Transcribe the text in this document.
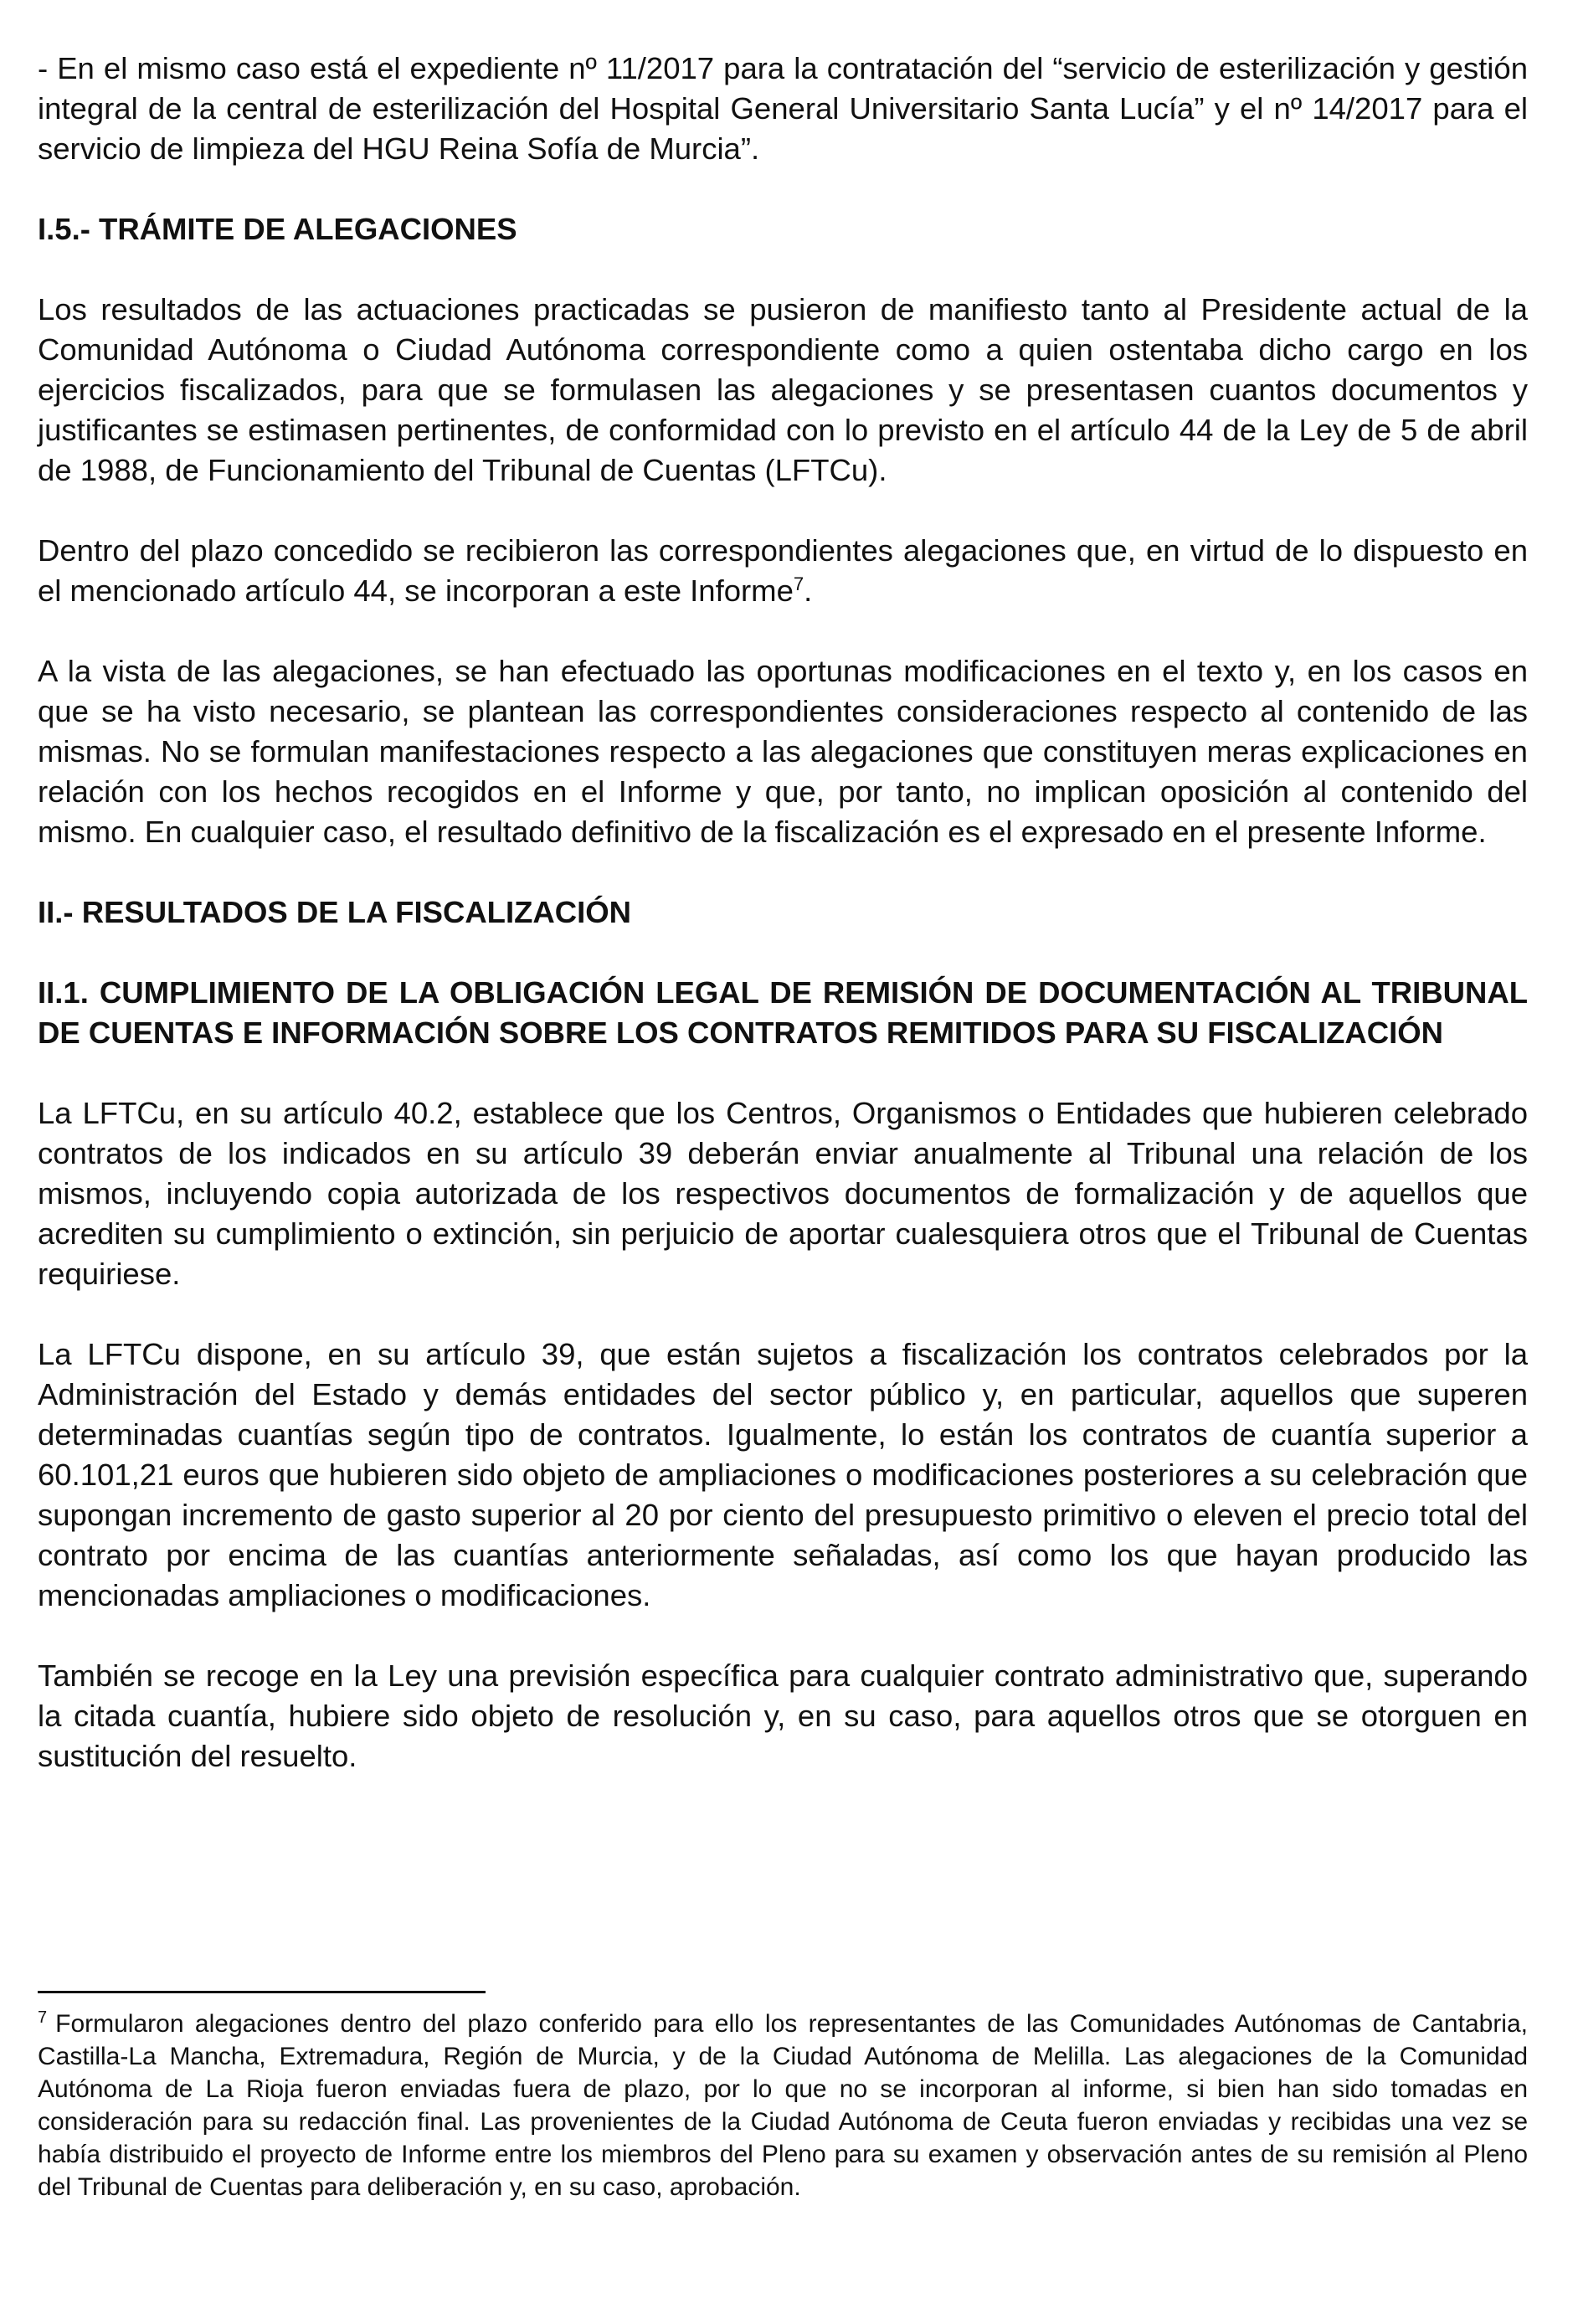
- En el mismo caso está el expediente nº 11/2017 para la contratación del “servicio de esterilización y gestión integral de la central de esterilización del Hospital General Universitario Santa Lucía” y el nº 14/2017 para el servicio de limpieza del HGU Reina Sofía de Murcia”.

I.5.- TRÁMITE DE ALEGACIONES

Los resultados de las actuaciones practicadas se pusieron de manifiesto tanto al Presidente actual de la Comunidad Autónoma o Ciudad Autónoma correspondiente como a quien ostentaba dicho cargo en los ejercicios fiscalizados, para que se formulasen las alegaciones y se presentasen cuantos documentos y justificantes se estimasen pertinentes, de conformidad con lo previsto en el artículo 44 de la Ley de 5 de abril de 1988, de Funcionamiento del Tribunal de Cuentas (LFTCu).

Dentro del plazo concedido se recibieron las correspondientes alegaciones que, en virtud de lo dispuesto en el mencionado artículo 44, se incorporan a este Informe$^7$.

A la vista de las alegaciones, se han efectuado las oportunas modificaciones en el texto y, en los casos en que se ha visto necesario, se plantean las correspondientes consideraciones respecto al contenido de las mismas. No se formulan manifestaciones respecto a las alegaciones que constituyen meras explicaciones en relación con los hechos recogidos en el Informe y que, por tanto, no implican oposición al contenido del mismo. En cualquier caso, el resultado definitivo de la fiscalización es el expresado en el presente Informe.

II.- RESULTADOS DE LA FISCALIZACIÓN

II.1. CUMPLIMIENTO DE LA OBLIGACIÓN LEGAL DE REMISIÓN DE DOCUMENTACIÓN AL TRIBUNAL DE CUENTAS E INFORMACIÓN SOBRE LOS CONTRATOS REMITIDOS PARA SU FISCALIZACIÓN

La LFTCu, en su artículo 40.2, establece que los Centros, Organismos o Entidades que hubieren celebrado contratos de los indicados en su artículo 39 deberán enviar anualmente al Tribunal una relación de los mismos, incluyendo copia autorizada de los respectivos documentos de formalización y de aquellos que acrediten su cumplimiento o extinción, sin perjuicio de aportar cualesquiera otros que el Tribunal de Cuentas requiriese.

La LFTCu dispone, en su artículo 39, que están sujetos a fiscalización los contratos celebrados por la Administración del Estado y demás entidades del sector público y, en particular, aquellos que superen determinadas cuantías según tipo de contratos. Igualmente, lo están los contratos de cuantía superior a 60.101,21 euros que hubieren sido objeto de ampliaciones o modificaciones posteriores a su celebración que supongan incremento de gasto superior al 20 por ciento del presupuesto primitivo o eleven el precio total del contrato por encima de las cuantías anteriormente señaladas, así como los que hayan producido las mencionadas ampliaciones o modificaciones.

También se recoge en la Ley una previsión específica para cualquier contrato administrativo que, superando la citada cuantía, hubiere sido objeto de resolución y, en su caso, para aquellos otros que se otorguen en sustitución del resuelto.

$^7$ Formularon alegaciones dentro del plazo conferido para ello los representantes de las Comunidades Autónomas de Cantabria, Castilla-La Mancha, Extremadura, Región de Murcia, y de la Ciudad Autónoma de Melilla. Las alegaciones de la Comunidad Autónoma de La Rioja fueron enviadas fuera de plazo, por lo que no se incorporan al informe, si bien han sido tomadas en consideración para su redacción final. Las provenientes de la Ciudad Autónoma de Ceuta fueron enviadas y recibidas una vez se había distribuido el proyecto de Informe entre los miembros del Pleno para su examen y observación antes de su remisión al Pleno del Tribunal de Cuentas para deliberación y, en su caso, aprobación.
